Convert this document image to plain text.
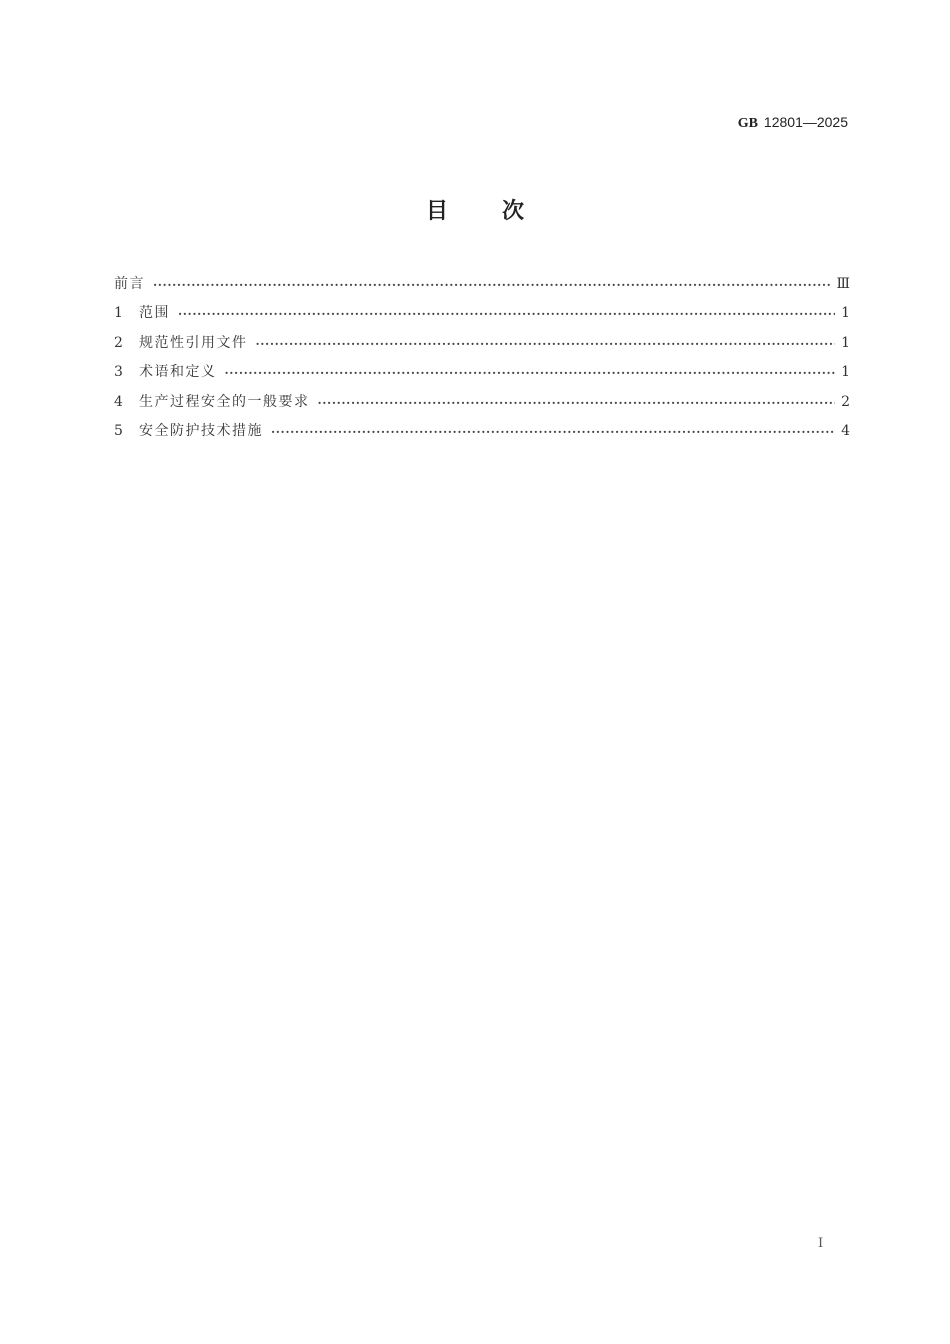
GB 12801—2025
目次
前言 ·····	Ⅲ
1	范围 ·····	1
2	规范性引用文件 ·····	1
3	术语和定义 ·····	1
4	生产过程安全的一般要求 ·····	2
5	安全防护技术措施 ·····	4
Ⅰ
